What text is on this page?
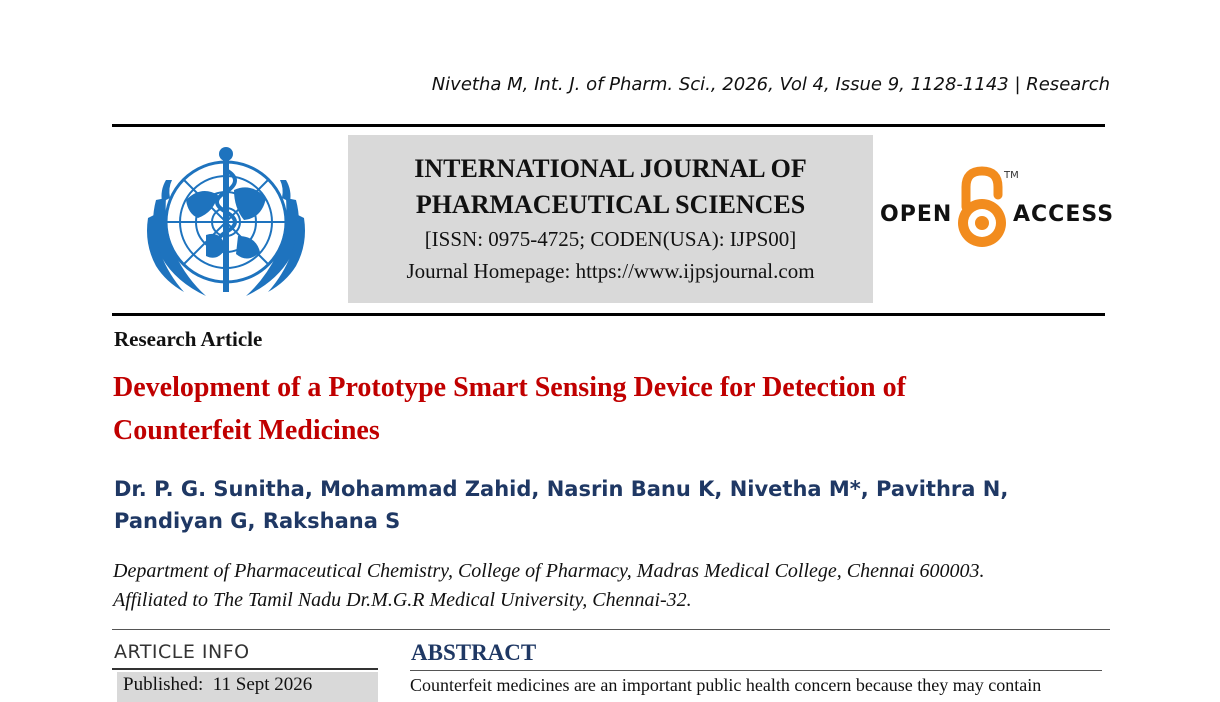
Nivetha M, Int. J. of Pharm. Sci., 2026, Vol 4, Issue 9, 1128-1143 | Research
INTERNATIONAL JOURNAL OF
PHARMACEUTICAL SCIENCES
[ISSN: 0975-4725; CODEN(USA): IJPS00]
Journal Homepage: https://www.ijpsjournal.com
OPEN
TM
ACCESS
Research Article
Development of a Prototype Smart Sensing Device for Detection of
Counterfeit Medicines
Dr. P. G. Sunitha, Mohammad Zahid, Nasrin Banu K, Nivetha M*, Pavithra N,
Pandiyan G, Rakshana S
Department of Pharmaceutical Chemistry, College of Pharmacy, Madras Medical College, Chennai 600003.
Affiliated to The Tamil Nadu Dr.M.G.R Medical University, Chennai-32.
ARTICLE INFO
Published:  11 Sept 2026
ABSTRACT
Counterfeit medicines are an important public health concern because they may contain
